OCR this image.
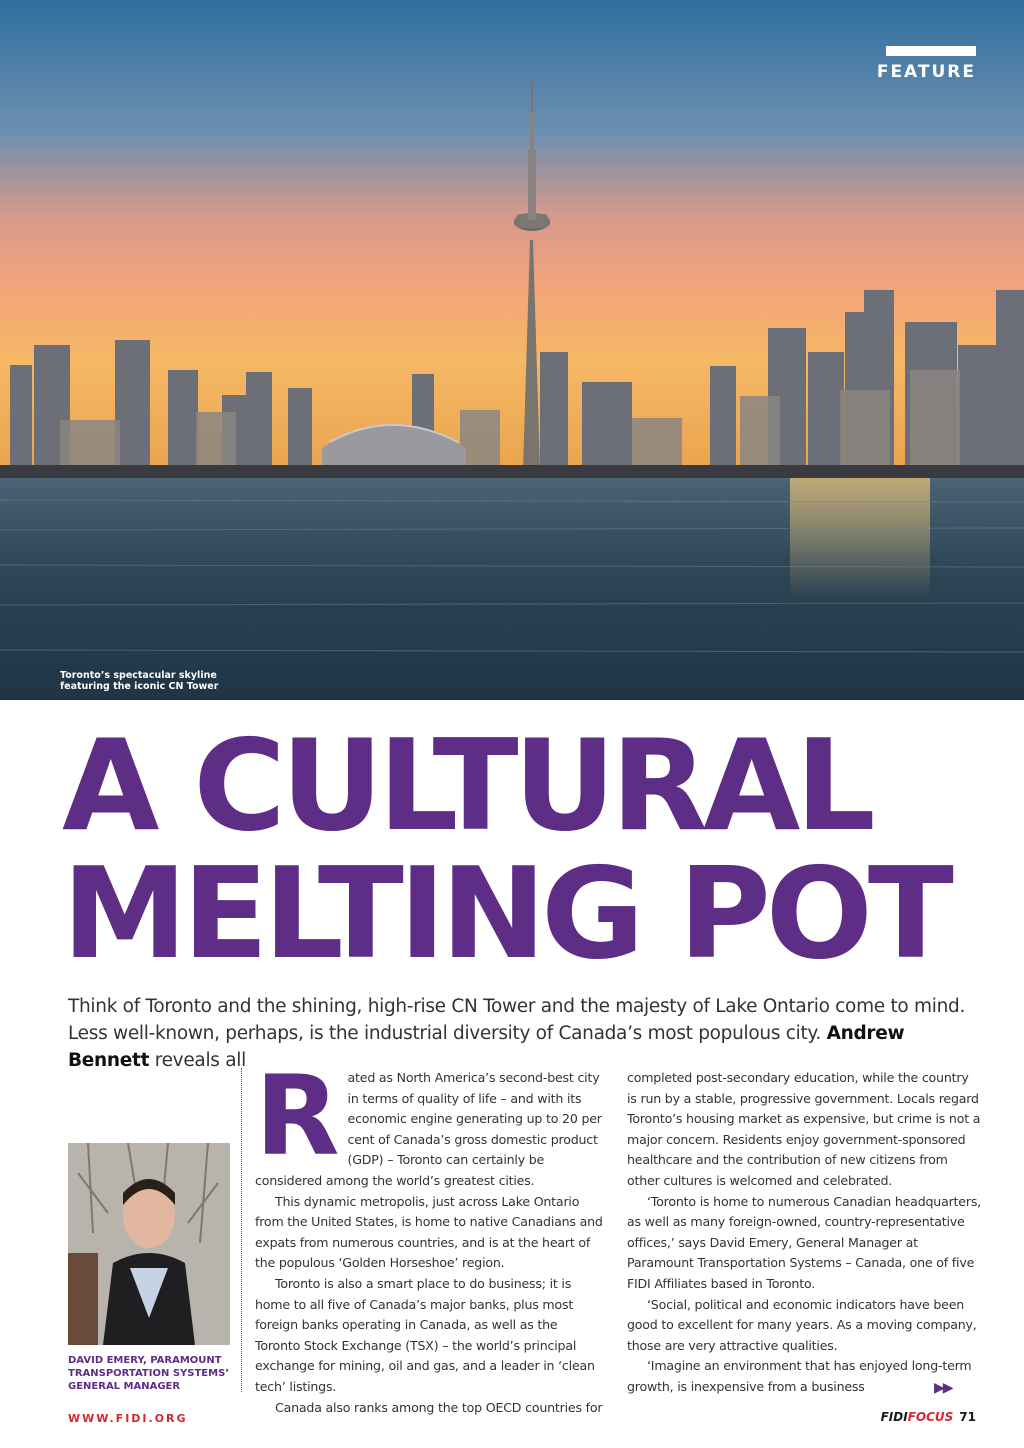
FEATURE
Toronto’s spectacular skyline featuring the iconic CN Tower
A CULTURAL
MELTING POT

Think of Toronto and the shining, high-rise CN Tower and the majesty of Lake Ontario come to mind. Less well-known, perhaps, is the industrial diversity of Canada’s most populous city. Andrew Bennett reveals all

DAVID EMERY, PARAMOUNT TRANSPORTATION SYSTEMS’ GENERAL MANAGER
R ated as North America’s second-best city in terms of quality of life – and with its economic engine generating up to 20 per cent of Canada’s gross domestic product (GDP) – Toronto can certainly be considered among the world’s greatest cities.

This dynamic metropolis, just across Lake Ontario from the United States, is home to native Canadians and expats from numerous countries, and is at the heart of the populous ‘Golden Horseshoe’ region.

Toronto is also a smart place to do business; it is home to all five of Canada’s major banks, plus most foreign banks operating in Canada, as well as the Toronto Stock Exchange (TSX) – the world’s principal exchange for mining, oil and gas, and a leader in ‘clean tech’ listings.

Canada also ranks among the top OECD countries for

completed post-secondary education, while the country is run by a stable, progressive government. Locals regard Toronto’s housing market as expensive, but crime is not a major concern. Residents enjoy government-sponsored healthcare and the contribution of new citizens from other cultures is welcomed and celebrated.

‘Toronto is home to numerous Canadian headquarters, as well as many foreign-owned, country-representative offices,’ says David Emery, General Manager at Paramount Transportation Systems – Canada, one of five FIDI Affiliates based in Toronto.

‘Social, political and economic indicators have been good to excellent for many years. As a moving company, those are very attractive qualities.

‘Imagine an environment that has enjoyed long-term growth, is inexpensive from a business	▶▶
WWW.FIDI.ORG	FIDIFOCUS 71
